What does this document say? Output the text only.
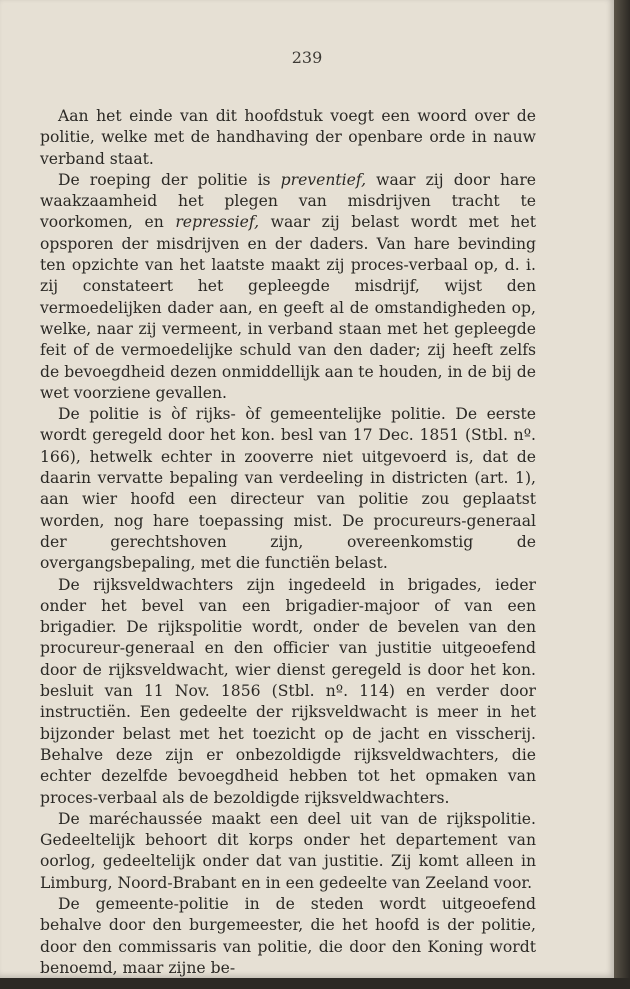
239

Aan het einde van dit hoofdstuk voegt een woord over de politie, welke met de handhaving der openbare orde in nauw verband staat.

De roeping der politie is preventief, waar zij door hare waakzaamheid het plegen van misdrijven tracht te voorkomen, en repressief, waar zij belast wordt met het opsporen der misdrijven en der daders. Van hare bevinding ten opzichte van het laatste maakt zij proces-verbaal op, d. i. zij constateert het gepleegde misdrijf, wijst den vermoedelijken dader aan, en geeft al de omstandigheden op, welke, naar zij vermeent, in verband staan met het gepleegde feit of de vermoedelijke schuld van den dader; zij heeft zelfs de bevoegdheid dezen onmiddellijk aan te houden, in de bij de wet voorziene gevallen.

De politie is òf rijks- òf gemeentelijke politie. De eerste wordt geregeld door het kon. besl van 17 Dec. 1851 (Stbl. nº. 166), hetwelk echter in zooverre niet uitgevoerd is, dat de daarin vervatte bepaling van verdeeling in districten (art. 1), aan wier hoofd een directeur van politie zou geplaatst worden, nog hare toepassing mist. De procureurs-generaal der gerechtshoven zijn, overeenkomstig de overgangsbepaling, met die functiën belast.

De rijksveldwachters zijn ingedeeld in brigades, ieder onder het bevel van een brigadier-majoor of van een brigadier. De rijkspolitie wordt, onder de bevelen van den procureur-generaal en den officier van justitie uitgeoefend door de rijksveldwacht, wier dienst geregeld is door het kon. besluit van 11 Nov. 1856 (Stbl. nº. 114) en verder door instructiën. Een gedeelte der rijksveldwacht is meer in het bijzonder belast met het toezicht op de jacht en visscherij. Behalve deze zijn er onbezoldigde rijksveldwachters, die echter dezelfde bevoegdheid hebben tot het opmaken van proces-verbaal als de bezoldigde rijksveldwachters.

De maréchaussée maakt een deel uit van de rijkspolitie. Gedeeltelijk behoort dit korps onder het departement van oorlog, gedeeltelijk onder dat van justitie. Zij komt alleen in Limburg, Noord-Brabant en in een gedeelte van Zeeland voor.

De gemeente-politie in de steden wordt uitgeoefend behalve door den burgemeester, die het hoofd is der politie, door den commissaris van politie, die door den Koning wordt benoemd, maar zijne be-
